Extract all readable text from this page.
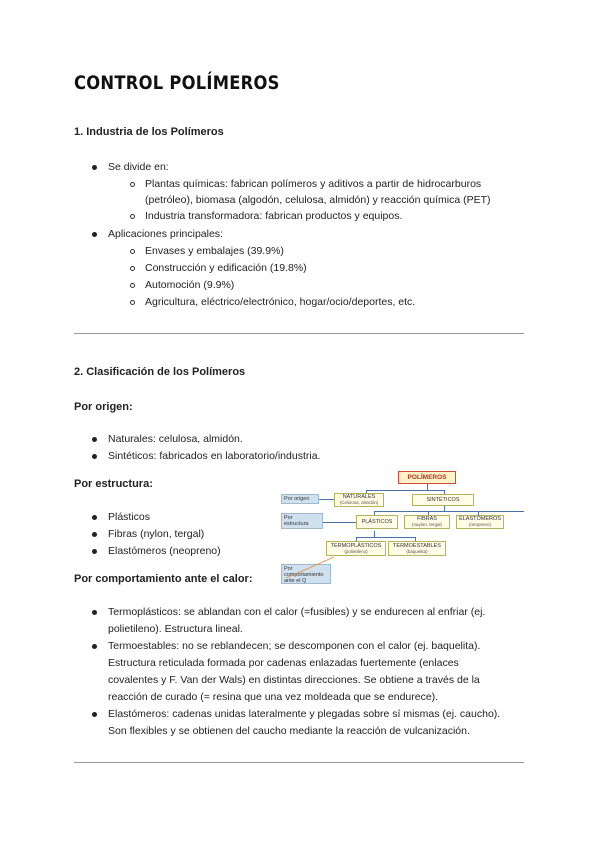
CONTROL POLÍMEROS

1. Industria de los Polímeros

Se divide en:
Plantas químicas: fabrican polímeros y aditivos a partir de hidrocarburos
(petróleo), biomasa (algodón, celulosa, almidón) y reacción química (PET)
Industria transformadora: fabrican productos y equipos.
Aplicaciones principales:
Envases y embalajes (39.9%)
Construcción y edificación (19.8%)
Automoción (9.9%)
Agricultura, eléctrico/electrónico, hogar/ocio/deportes, etc.

2. Clasificación de los Polímeros

Por origen:

Naturales: celulosa, almidón.
Sintéticos: fabricados en laboratorio/industria.

Por estructura:

Plásticos
Fibras (nylon, tergal)
Elastómeros (neopreno)

Por comportamiento ante el calor:

Termoplásticos: se ablandan con el calor (=fusibles) y se endurecen al enfriar (ej.
polietileno). Estructura lineal.
Termoestables: no se reblandecen; se descomponen con el calor (ej. baquelita).
Estructura reticulada formada por cadenas enlazadas fuertemente (enlaces
covalentes y F. Van der Wals) en distintas direcciones. Se obtiene a través de la
reacción de curado (= resina que una vez moldeada que se endurece).
Elastómeros: cadenas unidas lateralmente y plegadas sobre sí mismas (ej. caucho).
Son flexibles y se obtienen del caucho mediante la reacción de vulcanización.
POLÍMEROS
NATURALES
(Celulosa, almidón)	SINTÉTICOS
PLÁSTICOS	FIBRAS
(naylon, tergal)
ELASTÓMEROS
(neopreno)
TERMOPLÁSTICOS
(polietileno)
TERMOESTABLES
(baquelita)
Por origen
Por
estructura
Por
comportamiento
ante el Q
